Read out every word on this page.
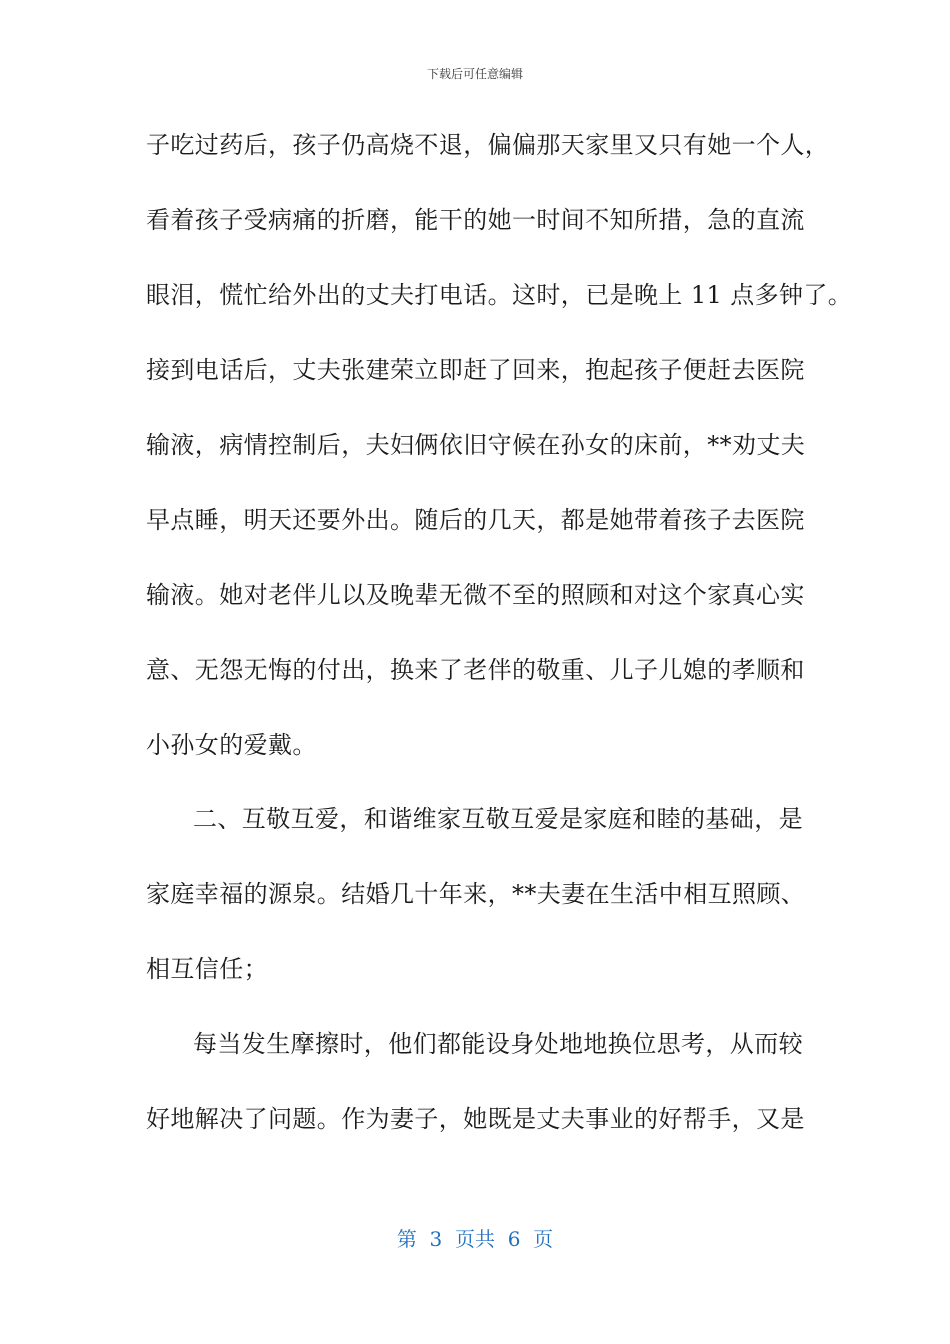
下载后可任意编辑
子吃过药后，孩子仍高烧不退，偏偏那天家里又只有她一个人，
看着孩子受病痛的折磨，能干的她一时间不知所措，急的直流
眼泪，慌忙给外出的丈夫打电话。这时，已是晚上 11 点多钟了。
接到电话后，丈夫张建荣立即赶了回来，抱起孩子便赶去医院
输液，病情控制后，夫妇俩依旧守候在孙女的床前，**劝丈夫
早点睡，明天还要外出。随后的几天，都是她带着孩子去医院
输液。她对老伴儿以及晚辈无微不至的照顾和对这个家真心实
意、无怨无悔的付出，换来了老伴的敬重、儿子儿媳的孝顺和
小孙女的爱戴。
二、互敬互爱，和谐维家互敬互爱是家庭和睦的基础，是
家庭幸福的源泉。结婚几十年来，**夫妻在生活中相互照顾、
相互信任；
每当发生摩擦时，他们都能设身处地地换位思考，从而较
好地解决了问题。作为妻子，她既是丈夫事业的好帮手，又是
第  3  页共  6  页
